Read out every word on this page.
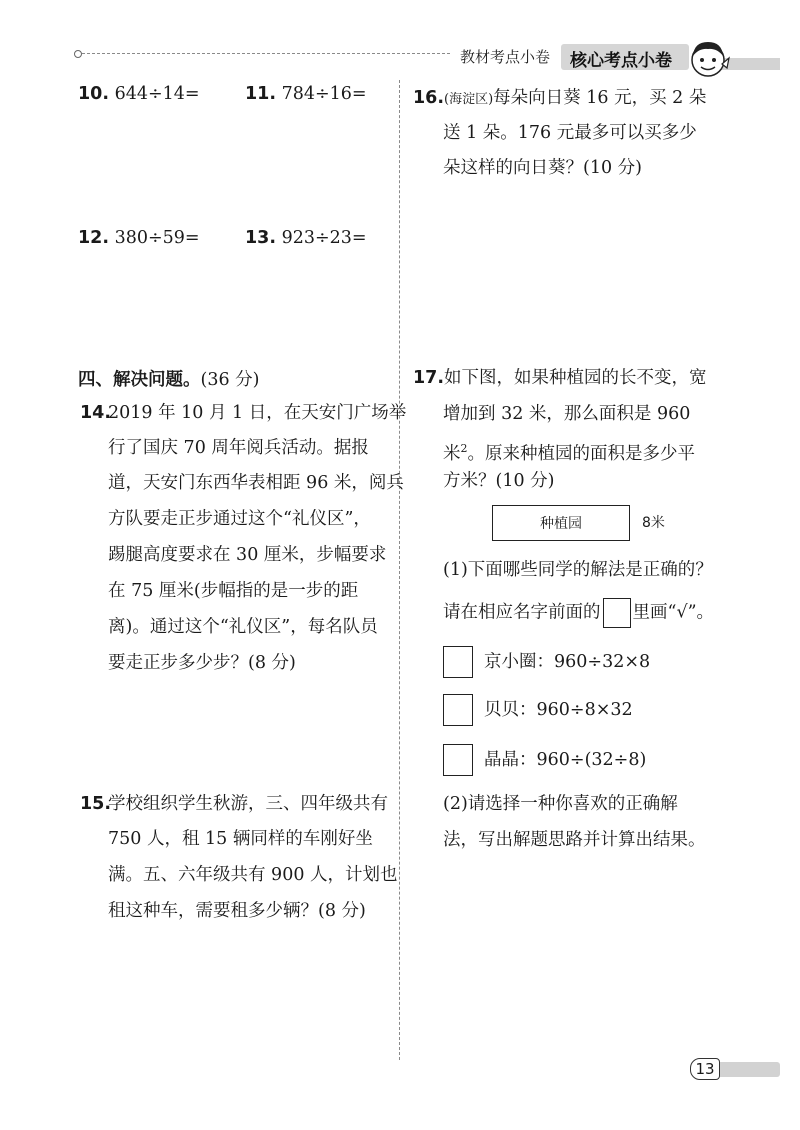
教材考点小卷 核心考点小卷
10. 644÷14=	11. 784÷16=
12. 380÷59=	13. 923÷23=
四、解决问题。(36 分)
14.
2019 年 10 月 1 日，在天安门广场举
行了国庆 70 周年阅兵活动。据报
道，天安门东西华表相距 96 米，阅兵
方队要走正步通过这个“礼仪区”，
踢腿高度要求在 30 厘米，步幅要求
在 75 厘米(步幅指的是一步的距
离)。通过这个“礼仪区”，每名队员
要走正步多少步？(8 分)
15.
学校组织学生秋游，三、四年级共有
750 人，租 15 辆同样的车刚好坐
满。五、六年级共有 900 人，计划也
租这种车，需要租多少辆？(8 分)
16.(海淀区)每朵向日葵 16 元，买 2 朵
送 1 朵。176 元最多可以买多少
朵这样的向日葵？(10 分)
17.如下图，如果种植园的长不变，宽
增加到 32 米，那么面积是 960
米$^2$。原来种植园的面积是多少平
方米？(10 分)
种植园	8米
(1)下面哪些同学的解法是正确的？
请在相应名字前面的 里画“√”。
京小圈：960÷32×8
贝贝：960÷8×32
晶晶：960÷(32÷8)
(2)请选择一种你喜欢的正确解
法，写出解题思路并计算出结果。
13
